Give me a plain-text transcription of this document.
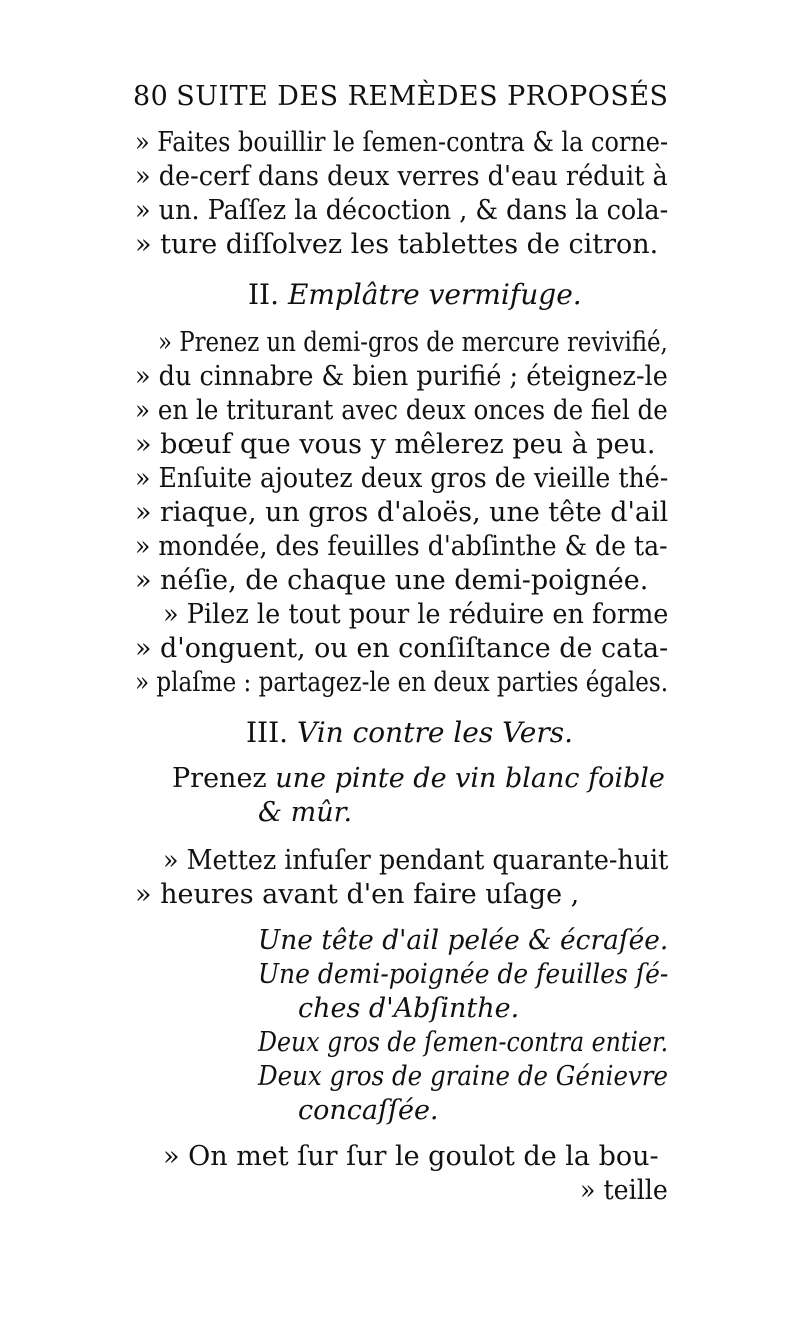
80 SUITE DES REMÈDES PROPOSÉS

» Faites bouillir le ſemen-contra & la corne-

» de-cerf dans deux verres d'eau réduit à

» un. Paſſez la décoction , & dans la cola-

» ture diſſolvez les tablettes de citron.

II. Emplâtre vermifuge.

» Prenez un demi-gros de mercure revivifié,

» du cinnabre & bien purifié ; éteignez-le

» en le triturant avec deux onces de fiel de

» bœuf que vous y mêlerez peu à peu.

» Enſuite ajoutez deux gros de vieille thé-

» riaque, un gros d'aloës, une tête d'ail

» mondée, des feuilles d'abſinthe & de ta-

» néſie, de chaque une demi-poignée.

» Pilez le tout pour le réduire en forme

» d'onguent, ou en conſiſtance de cata-

» plaſme : partagez-le en deux parties égales.

III. Vin contre les Vers.
Prenez une pinte de vin blanc foible

& mûr.

» Mettez infuſer pendant quarante-huit

» heures avant d'en faire uſage ,

Une tête d'ail pelée & écraſée.

Une demi-poignée de feuilles ſé-

ches d'Abſinthe.

Deux gros de ſemen-contra entier.

Deux gros de graine de Génievre

concaſſée.

» On met ſur ſur le goulot de la bou-

» teille
